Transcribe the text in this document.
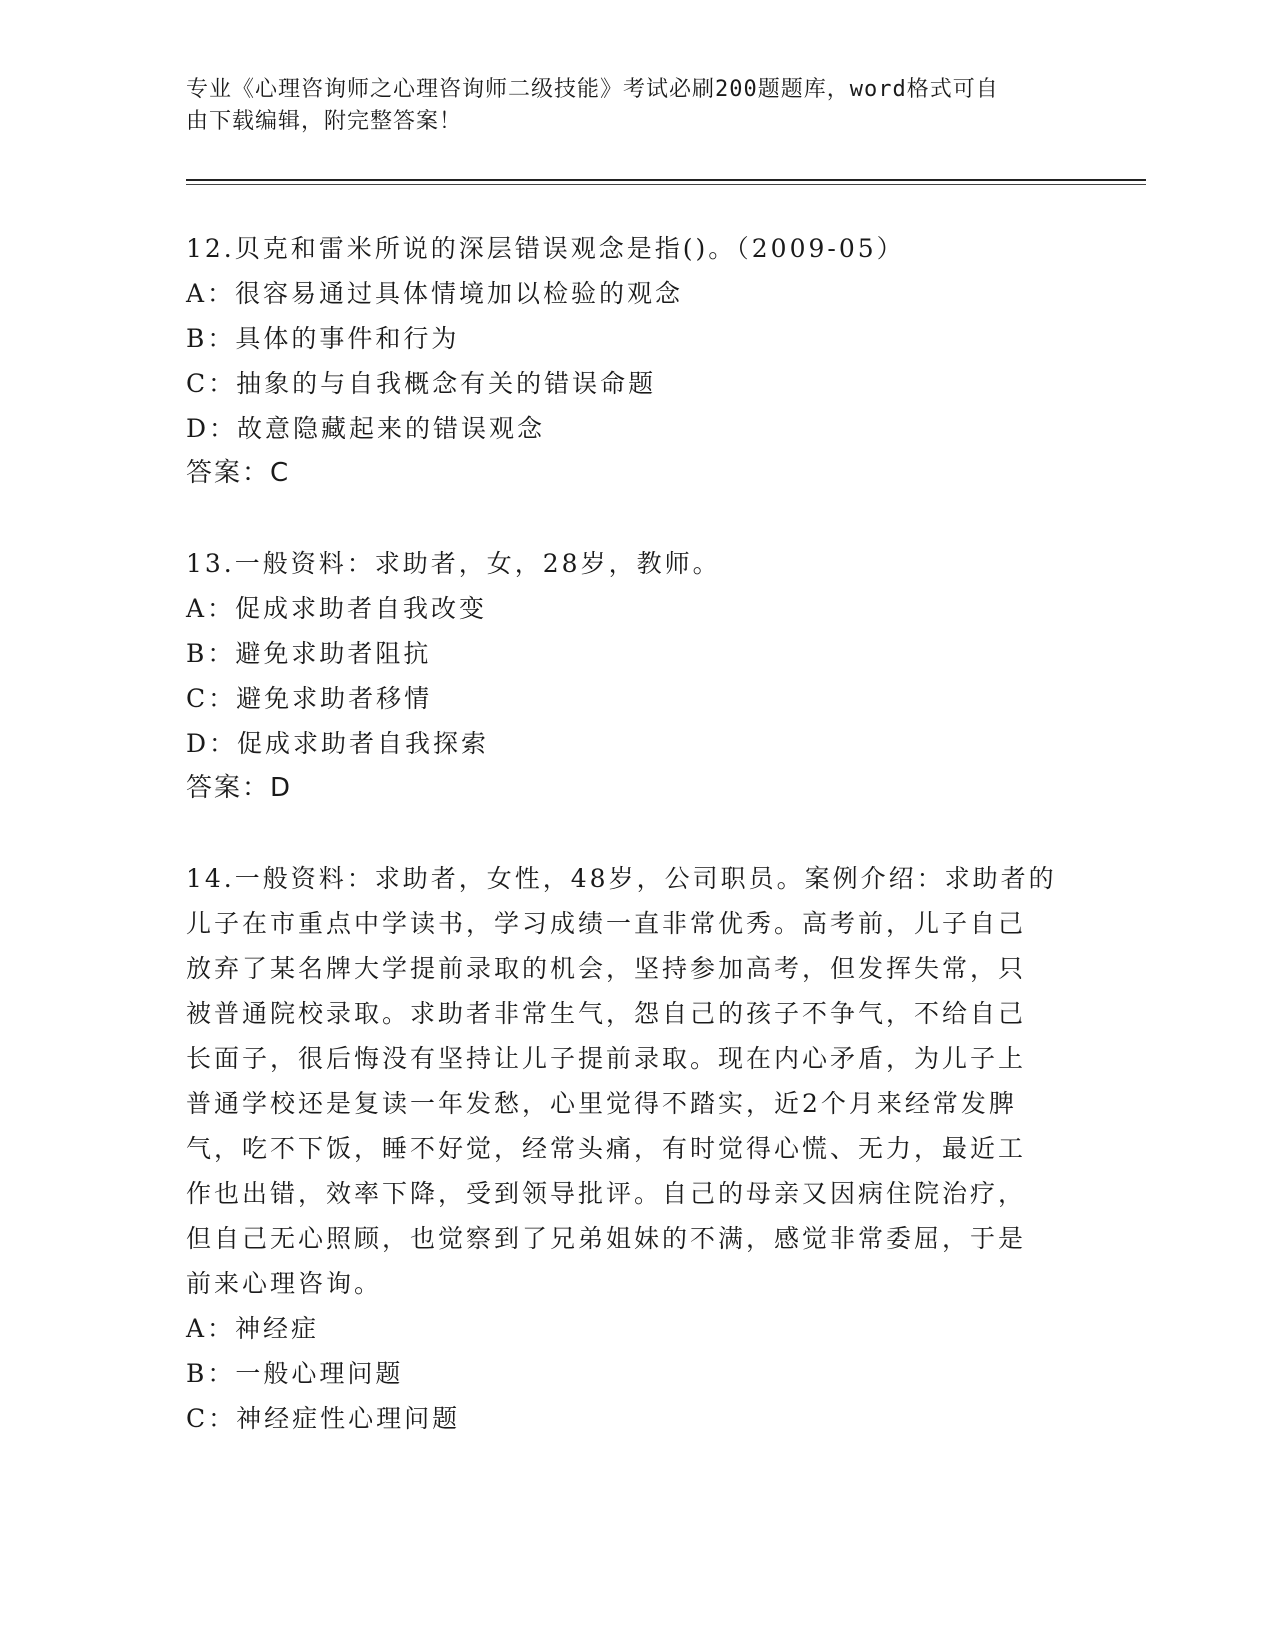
专业《心理咨询师之心理咨询师二级技能》考试必刷200题题库，word格式可自
由下载编辑，附完整答案！

12.贝克和雷米所说的深层错误观念是指()。（2009-05）

A：很容易通过具体情境加以检验的观念

B：具体的事件和行为

C：抽象的与自我概念有关的错误命题

D：故意隐藏起来的错误观念

答案：C

13.一般资料：求助者，女，28岁，教师。

A：促成求助者自我改变

B：避免求助者阻抗

C：避免求助者移情

D：促成求助者自我探索

答案：D

14.一般资料：求助者，女性，48岁，公司职员。案例介绍：求助者的

儿子在市重点中学读书，学习成绩一直非常优秀。高考前，儿子自己

放弃了某名牌大学提前录取的机会，坚持参加高考，但发挥失常，只

被普通院校录取。求助者非常生气，怨自己的孩子不争气，不给自己

长面子，很后悔没有坚持让儿子提前录取。现在内心矛盾，为儿子上

普通学校还是复读一年发愁，心里觉得不踏实，近2个月来经常发脾

气，吃不下饭，睡不好觉，经常头痛，有时觉得心慌、无力，最近工

作也出错，效率下降，受到领导批评。自己的母亲又因病住院治疗，

但自己无心照顾，也觉察到了兄弟姐妹的不满，感觉非常委屈，于是

前来心理咨询。

A：神经症

B：一般心理问题

C：神经症性心理问题
